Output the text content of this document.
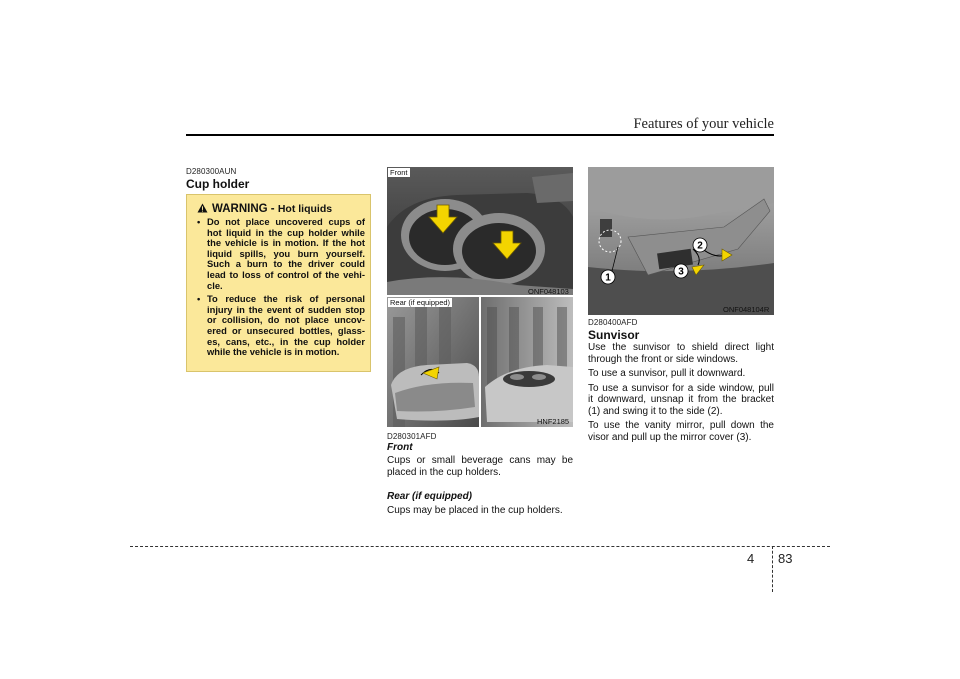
Features of your vehicle
D280300AUN
Cup holder
WARNING - Hot liquids
• Do not place uncovered cups of hot liquid in the cup holder while the vehicle is in motion. If the hot liquid spills, you burn yourself. Such a burn to the driver could lead to loss of control of the vehi-cle.
• To reduce the risk of personal injury in the event of sudden stop or collision, do not place uncov-ered or unsecured bottles, glass-es, cans, etc., in the cup holder while the vehicle is in motion.
Front
ONF048103
Rear (if equipped)
HNF2185
D280301AFD
Front
Cups or small beverage cans may be placed in the cup holders.
Rear (if equipped)
Cups may be placed in the cup holders.
1
2
3
ONF048104R
D280400AFD
Sunvisor
Use the sunvisor to shield direct light through the front or side windows.
To use a sunvisor, pull it downward.
To use a sunvisor for a side window, pull it downward, unsnap it from the bracket (1) and swing it to the side (2).
To use the vanity mirror, pull down the visor and pull up the mirror cover (3).
4 83
